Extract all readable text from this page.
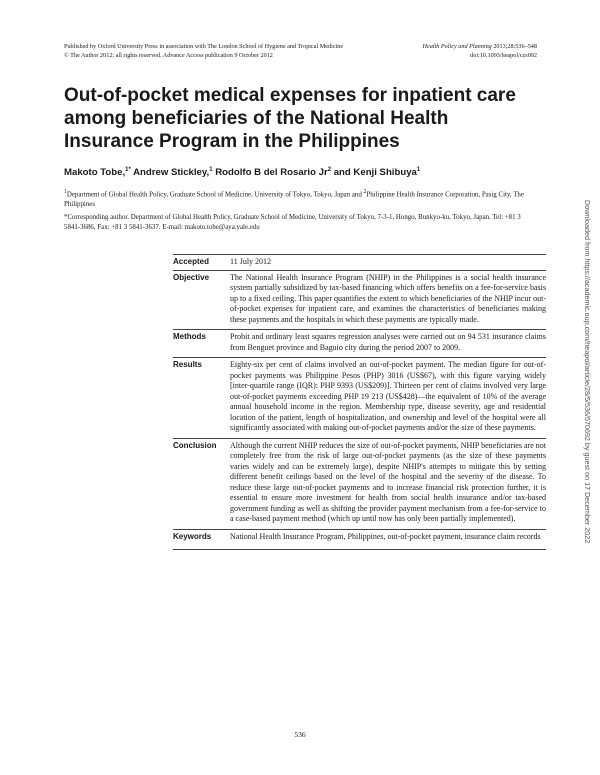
Published by Oxford University Press in association with The London School of Hygiene and Tropical Medicine
© The Author 2012; all rights reserved. Advance Access publication 9 October 2012
Health Policy and Planning 2013;28:536–548
doi:10.1093/heapol/czs092
Out-of-pocket medical expenses for inpatient care among beneficiaries of the National Health Insurance Program in the Philippines
Makoto Tobe,$^{1*}$ Andrew Stickley,$^1$ Rodolfo B del Rosario Jr$^2$ and Kenji Shibuya$^1$
$^1$Department of Global Health Policy, Graduate School of Medicine, University of Tokyo, Tokyo, Japan and $^2$Philippine Health Insurance Corporation, Pasig City, The Philippines
*Corresponding author. Department of Global Health Policy, Graduate School of Medicine, University of Tokyo, 7-3-1, Hongo, Bunkyo-ku, Tokyo, Japan. Tel: +81 3 5841-3686, Fax: +81 3 5841-3637. E-mail: makoto.tobe@aya.yale.edu
Accepted	11 July 2012
Objective	The National Health Insurance Program (NHIP) in the Philippines is a social health insurance system partially subsidized by tax-based financing which offers benefits on a fee-for-service basis up to a fixed ceiling. This paper quantifies the extent to which beneficiaries of the NHIP incur out-of-pocket expenses for inpatient care, and examines the characteristics of beneficiaries making these payments and the hospitals in which these payments are typically made.
Methods	Probit and ordinary least squares regression analyses were carried out on 94 531 insurance claims from Benguet province and Baguio city during the period 2007 to 2009.
Results	Eighty-six per cent of claims involved an out-of-pocket payment. The median figure for out-of-pocket payments was Philippine Pesos (PHP) 3016 (US$67), with this figure varying widely [inter-quartile range (IQR): PHP 9393 (US$209)]. Thirteen per cent of claims involved very large out-of-pocket payments exceeding PHP 19 213 (US$428)—the equivalent of 10% of the average annual household income in the region. Membership type, disease severity, age and residential location of the patient, length of hospitalization, and ownership and level of the hospital were all significantly associated with making out-of-pocket payments and/or the size of these payments.
Conclusion	Although the current NHIP reduces the size of out-of-pocket payments, NHIP beneficiaries are not completely free from the risk of large out-of-pocket payments (as the size of these payments varies widely and can be extremely large), despite NHIP's attempts to mitigate this by setting different benefit ceilings based on the level of the hospital and the severity of the disease. To reduce these large out-of-pocket payments and to increase financial risk protection further, it is essential to ensure more investment for health from social health insurance and/or tax-based government funding as well as shifting the provider payment mechanism from a fee-for-service to a case-based payment method (which up until now has only been partially implemented).
Keywords	National Health Insurance Program, Philippines, out-of-pocket payment, insurance claim records	Downloaded from https://academic.oup.com/heapol/article/28/5/536/570692 by guest on 17 December 2022
536
